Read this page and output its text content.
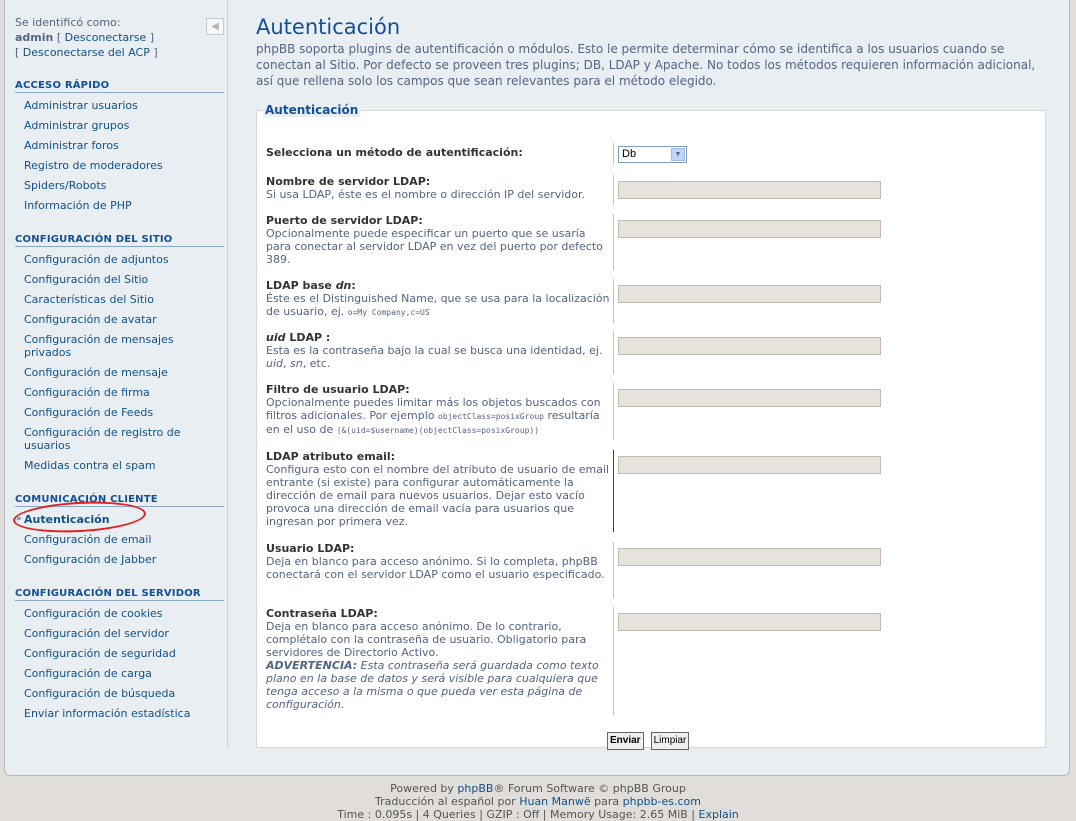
Se identificó como:
admin [ Desconectarse ]
[ Desconectarse del ACP ]
◀
ACCESO RÁPIDO
Administrar usuarios
Administrar grupos
Administrar foros
Registro de moderadores
Spiders/Robots
Información de PHP
CONFIGURACIÓN DEL SITIO
Configuración de adjuntos
Configuración del Sitio
Características del Sitio
Configuración de avatar
Configuración de mensajes privados
Configuración de mensaje
Configuración de firma
Configuración de Feeds
Configuración de registro de usuarios
Medidas contra el spam
COMUNICACIÓN CLIENTE
» Autenticación
Configuración de email
Configuración de Jabber
CONFIGURACIÓN DEL SERVIDOR
Configuración de cookies
Configuración del servidor
Configuración de seguridad
Configuración de carga
Configuración de búsqueda
Enviar información estadística
Autenticación

phpBB soporta plugins de autentificación o módulos. Esto le permite determinar cómo se identifica a los usuarios cuando se conectan al Sitio. Por defecto se proveen tres plugins; DB, LDAP y Apache. No todos los métodos requieren información adicional, así que rellena solo los campos que sean relevantes para el método elegido.

Autenticación
Selecciona un método de autentificación:	Db	▼
Nombre de servidor LDAP:
Si usa LDAP, éste es el nombre o dirección IP del servidor.
Puerto de servidor LDAP:
Opcionalmente puede especificar un puerto que se usaría para conectar al servidor LDAP en vez del puerto por defecto 389.
LDAP base dn:
Éste es el Distinguished Name, que se usa para la localización de usuario, ej. o=My Company,c=US
uid LDAP :
Esta es la contraseña bajo la cual se busca una identidad, ej. uid, sn, etc.
Filtro de usuario LDAP:
Opcionalmente puedes limitar más los objetos buscados con filtros adicionales. Por ejemplo objectClass=posixGroup resultaría en el uso de (&(uid=$username)(objectClass=posixGroup))
LDAP atributo email:
Configura esto con el nombre del atributo de usuario de email entrante (si existe) para configurar automáticamente la dirección de email para nuevos usuarios. Dejar esto vacío provoca una dirección de email vacía para usuarios que ingresan por primera vez.
Usuario LDAP:
Deja en blanco para acceso anónimo. Si lo completa, phpBB conectará con el servidor LDAP como el usuario especificado.
Contraseña LDAP:
Deja en blanco para acceso anónimo. De lo contrario, complétalo con la contraseña de usuario. Obligatorio para servidores de Directorio Activo.
ADVERTENCIA: Esta contraseña será guardada como texto plano en la base de datos y será visible para cualquiera que tenga acceso a la misma o que pueda ver esta página de configuración.
Enviar Limpiar
Powered by phpBB® Forum Software © phpBB Group
Traducción al español por Huan Manwë para phpbb-es.com
Time : 0.095s | 4 Queries | GZIP : Off | Memory Usage: 2.65 MiB | Explain
